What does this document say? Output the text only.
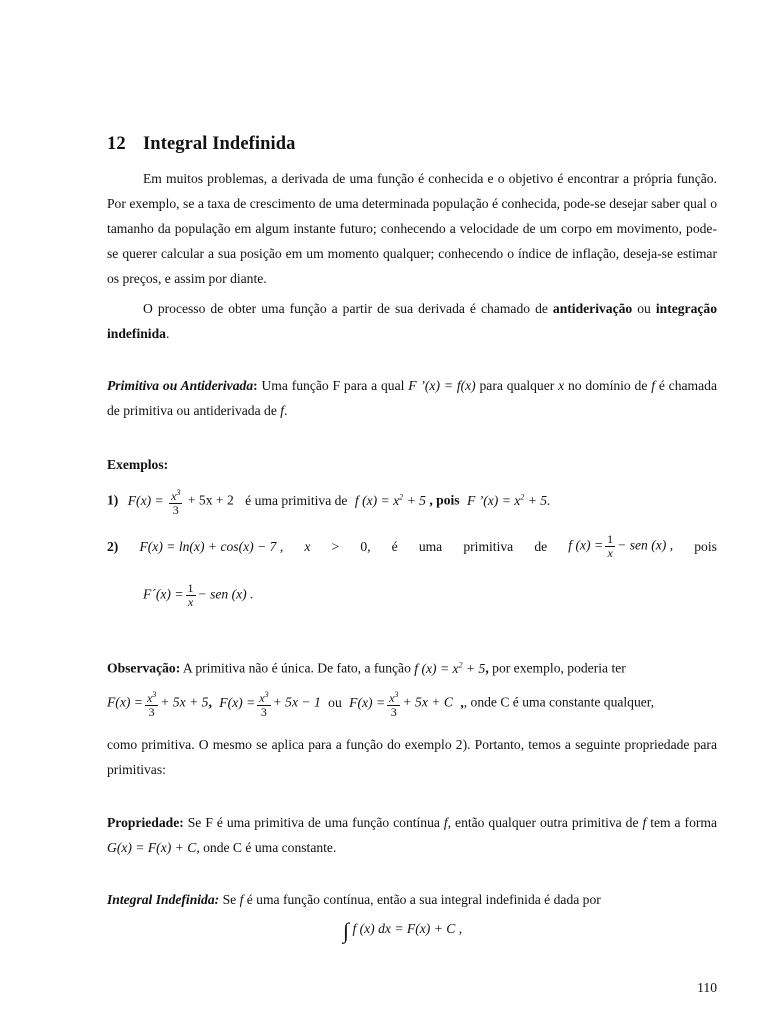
12 Integral Indefinida

Em muitos problemas, a derivada de uma função é conhecida e o objetivo é encontrar a própria função. Por exemplo, se a taxa de crescimento de uma determinada população é conhecida, pode-se desejar saber qual o tamanho da população em algum instante futuro; conhecendo a velocidade de um corpo em movimento, pode-se querer calcular a sua posição em um momento qualquer; conhecendo o índice de inflação, deseja-se estimar os preços, e assim por diante.

O processo de obter uma função a partir de sua derivada é chamado de antiderivação ou integração indefinida.

Primitiva ou Antiderivada: Uma função F para a qual F ’(x) = f(x) para qualquer x no domínio de f é chamada de primitiva ou antiderivada de f.

Exemplos:

1) $F(x) = \frac{x^3}{3} + 5x + 2$ é uma primitiva de f $(x) = x^2 + 5$ , pois F ’(x) = $x^2 + 5$.
2) F(x) = ln(x) + cos(x) − 7 , x > 0, é uma primitiva de f $(x) = \frac{1}{x}$ − sen (x) , pois
F´(x) = $\frac{1}{x}$ − sen (x) .

Observação: A primitiva não é única. De fato, a função f $(x) = x^2 + 5$, por exemplo, poderia ter

$F(x) = \frac{x^3}{3} + 5x + 5$, $F(x) = \frac{x^3}{3} + 5x - 1$ ou $F(x) = \frac{x^3}{3} + 5x + C$ ,, onde C é uma constante qualquer,

como primitiva. O mesmo se aplica para a função do exemplo 2). Portanto, temos a seguinte propriedade para primitivas:

Propriedade: Se F é uma primitiva de uma função contínua f, então qualquer outra primitiva de f tem a forma G(x) = F(x) + C, onde C é uma constante.

Integral Indefinida: Se f é uma função contínua, então a sua integral indefinida é dada por

∫ f (x) dx = F(x) + C ,
110
